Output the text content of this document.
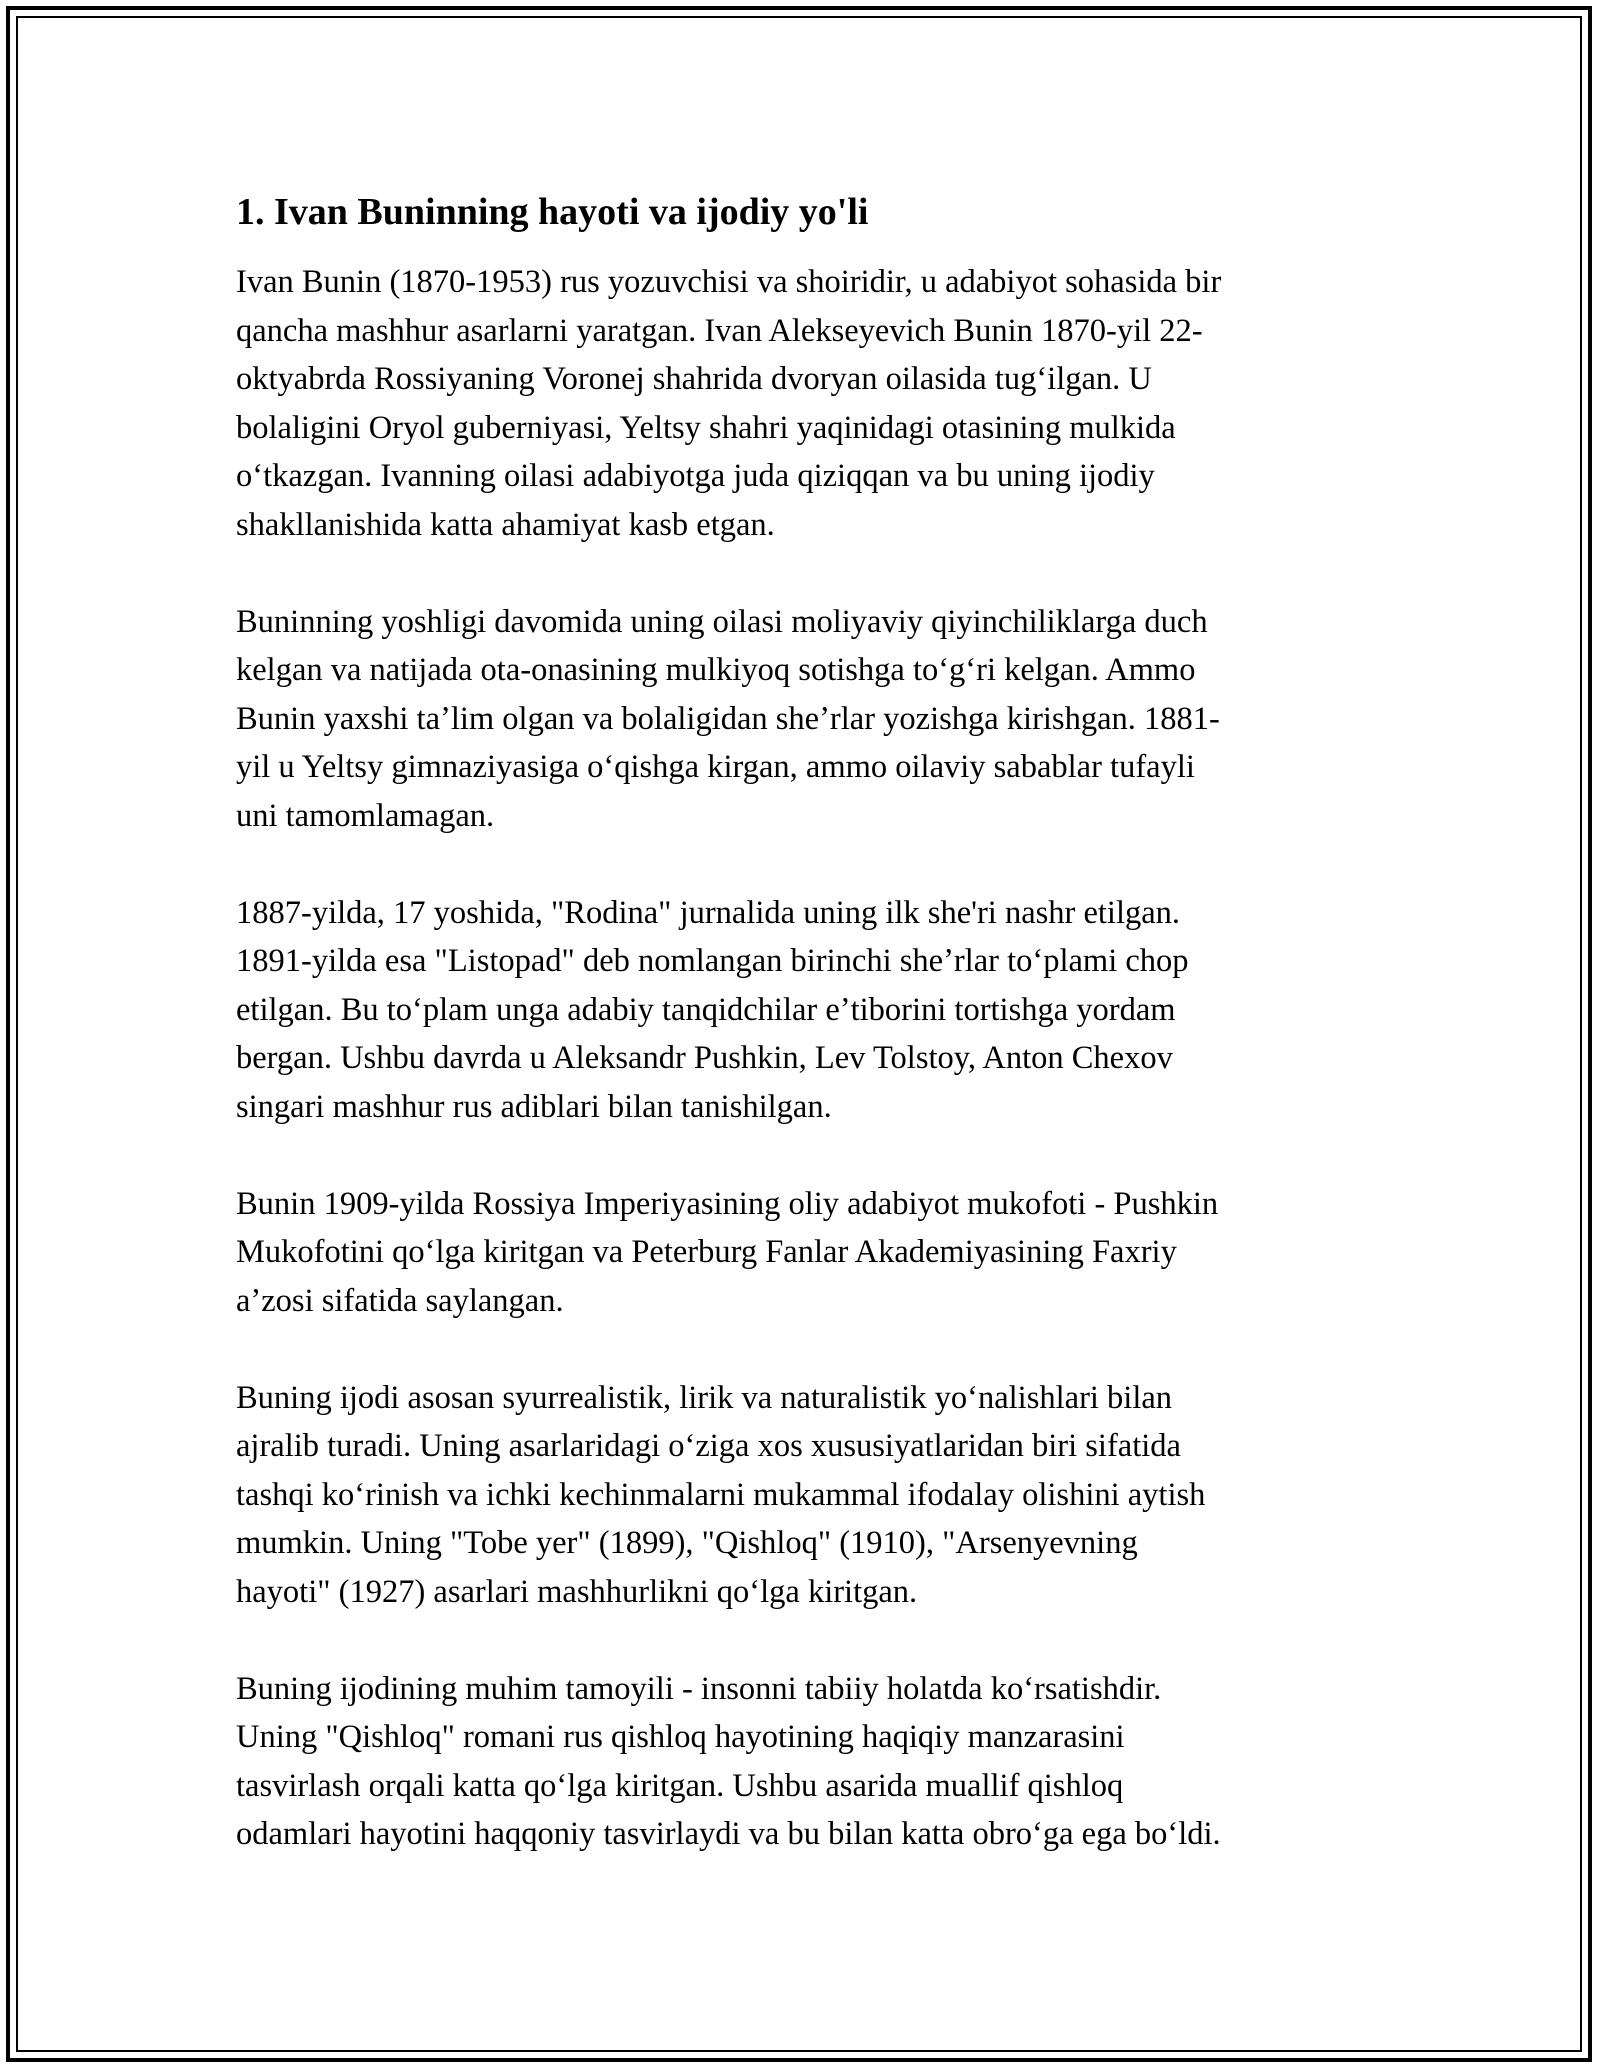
1. Ivan Buninning hayoti va ijodiy yo'li
Ivan Bunin (1870-1953) rus yozuvchisi va shoiridir, u adabiyot sohasida bir
qancha mashhur asarlarni yaratgan. Ivan Alekseyevich Bunin 1870-yil 22-
oktyabrda Rossiyaning Voronej shahrida dvoryan oilasida tugʻilgan. U
bolaligini Oryol guberniyasi, Yeltsy shahri yaqinidagi otasining mulkida
oʻtkazgan. Ivanning oilasi adabiyotga juda qiziqqan va bu uning ijodiy
shakllanishida katta ahamiyat kasb etgan.
Buninning yoshligi davomida uning oilasi moliyaviy qiyinchiliklarga duch
kelgan va natijada ota-onasining mulkiyoq sotishga toʻgʻri kelgan. Ammo
Bunin yaxshi taʼlim olgan va bolaligidan sheʼrlar yozishga kirishgan. 1881-
yil u Yeltsy gimnaziyasiga oʻqishga kirgan, ammo oilaviy sabablar tufayli
uni tamomlamagan.
1887-yilda, 17 yoshida, "Rodina" jurnalida uning ilk she'ri nashr etilgan.
1891-yilda esa "Listopad" deb nomlangan birinchi sheʼrlar toʻplami chop
etilgan. Bu toʻplam unga adabiy tanqidchilar eʼtiborini tortishga yordam
bergan. Ushbu davrda u Aleksandr Pushkin, Lev Tolstoy, Anton Chexov
singari mashhur rus adiblari bilan tanishilgan.
Bunin 1909-yilda Rossiya Imperiyasining oliy adabiyot mukofoti - Pushkin
Mukofotini qoʻlga kiritgan va Peterburg Fanlar Akademiyasining Faxriy
aʼzosi sifatida saylangan.
Buning ijodi asosan syurrealistik, lirik va naturalistik yoʻnalishlari bilan
ajralib turadi. Uning asarlaridagi oʻziga xos xususiyatlaridan biri sifatida
tashqi koʻrinish va ichki kechinmalarni mukammal ifodalay olishini aytish
mumkin. Uning "Tobe yer" (1899), "Qishloq" (1910), "Arsenyevning
hayoti" (1927) asarlari mashhurlikni qoʻlga kiritgan.
Buning ijodining muhim tamoyili - insonni tabiiy holatda koʻrsatishdir.
Uning "Qishloq" romani rus qishloq hayotining haqiqiy manzarasini
tasvirlash orqali katta qoʻlga kiritgan. Ushbu asarida muallif qishloq
odamlari hayotini haqqoniy tasvirlaydi va bu bilan katta obroʻga ega boʻldi.
